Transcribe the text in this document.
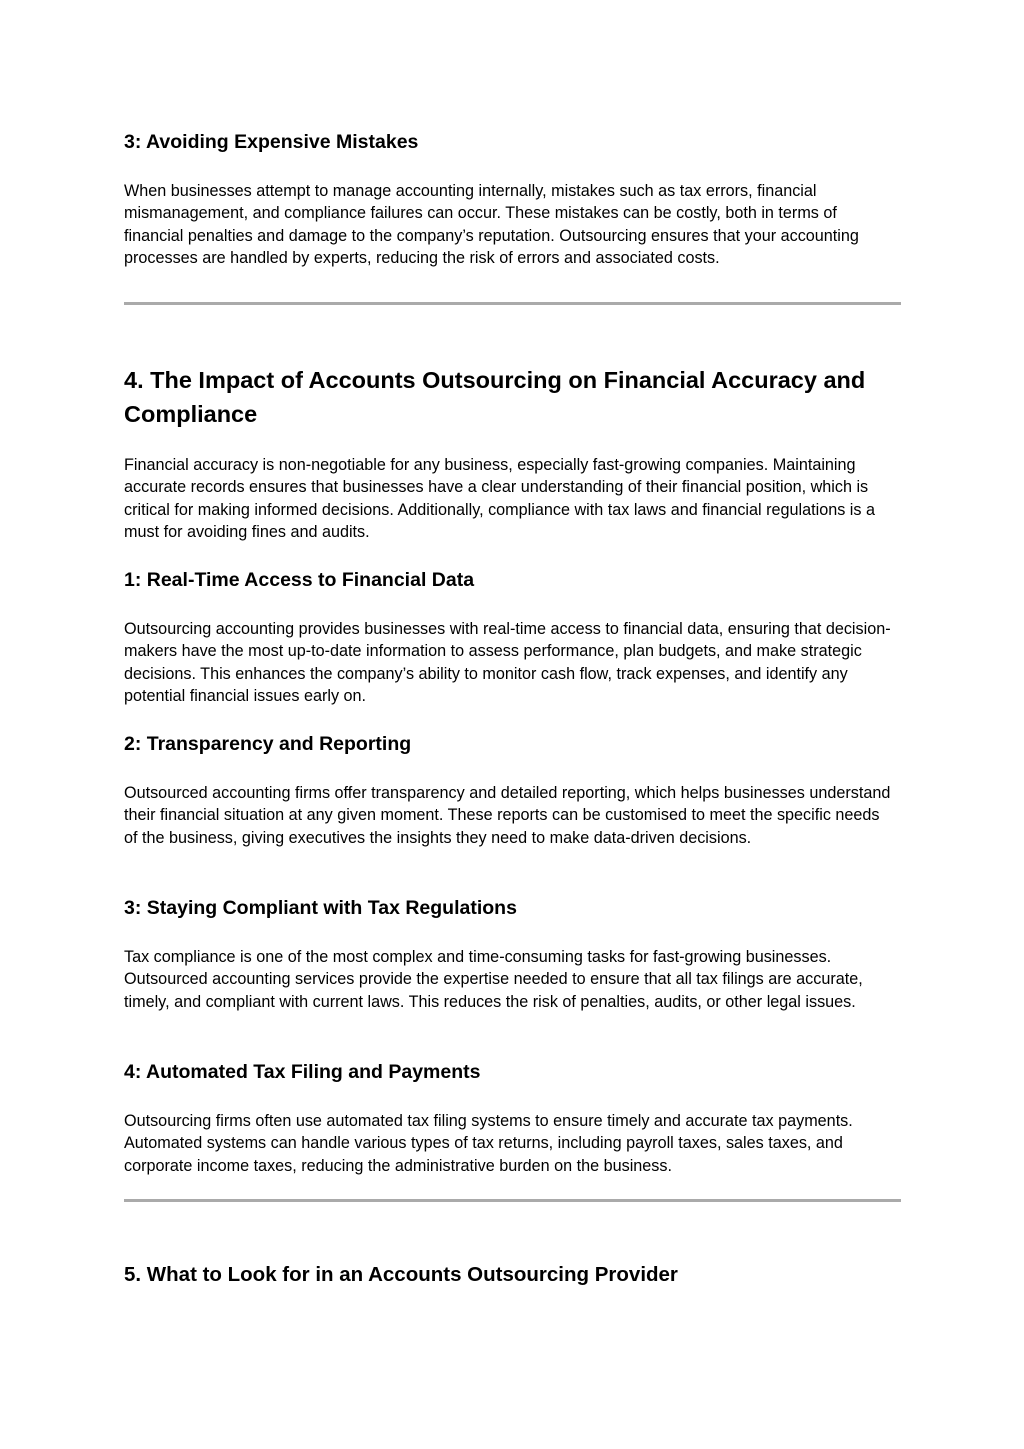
3: Avoiding Expensive Mistakes

When businesses attempt to manage accounting internally, mistakes such as tax errors, financial mismanagement, and compliance failures can occur. These mistakes can be costly, both in terms of financial penalties and damage to the company’s reputation. Outsourcing ensures that your accounting processes are handled by experts, reducing the risk of errors and associated costs.

4. The Impact of Accounts Outsourcing on Financial Accuracy and Compliance

Financial accuracy is non-negotiable for any business, especially fast-growing companies. Maintaining accurate records ensures that businesses have a clear understanding of their financial position, which is critical for making informed decisions. Additionally, compliance with tax laws and financial regulations is a must for avoiding fines and audits.

1: Real-Time Access to Financial Data

Outsourcing accounting provides businesses with real-time access to financial data, ensuring that decision-makers have the most up-to-date information to assess performance, plan budgets, and make strategic decisions. This enhances the company’s ability to monitor cash flow, track expenses, and identify any potential financial issues early on.

2: Transparency and Reporting

Outsourced accounting firms offer transparency and detailed reporting, which helps businesses understand their financial situation at any given moment. These reports can be customised to meet the specific needs of the business, giving executives the insights they need to make data-driven decisions.

3: Staying Compliant with Tax Regulations

Tax compliance is one of the most complex and time-consuming tasks for fast-growing businesses. Outsourced accounting services provide the expertise needed to ensure that all tax filings are accurate, timely, and compliant with current laws. This reduces the risk of penalties, audits, or other legal issues.

4: Automated Tax Filing and Payments

Outsourcing firms often use automated tax filing systems to ensure timely and accurate tax payments. Automated systems can handle various types of tax returns, including payroll taxes, sales taxes, and corporate income taxes, reducing the administrative burden on the business.

5. What to Look for in an Accounts Outsourcing Provider
